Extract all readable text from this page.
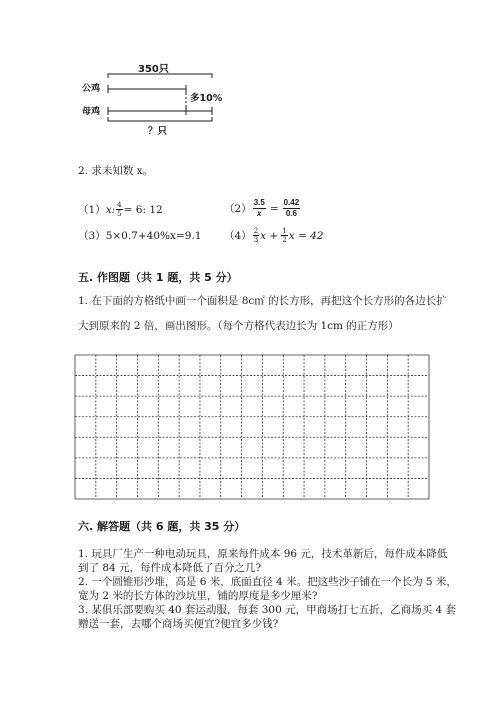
350只
公鸡
母鸡
多10%
？只
2. 求未知数 x。
（1） x: $\frac{4}{5} = 6$: 12	$(2) \frac{3.5}{x} = \frac{0.42}{0.6}$
（3）5×0.7+40%x=9.1 $(4) \frac{2}{3}$ $x + \frac{1}{2}$ x = 42
五. 作图题（共 1 题，共 5 分）
1. 在下面的方格纸中画一个面积是 8c㎡ 的长方形，再把这个长方形的各边长扩
大到原来的 2 倍，画出图形。（每个方格代表边长为 1cm 的正方形）
六. 解答题（共 6 题，共 35 分）
1. 玩具厂生产一种电动玩具，原来每件成本 96 元，技术革新后，每件成本降低
到了 84 元，每件成本降低了百分之几?
2. 一个圆锥形沙堆，高是 6 米，底面直径 4 米。把这些沙子铺在一个长为 5 米，
宽为 2 米的长方体的沙坑里，铺的厚度是多少厘米?
3. 某俱乐部要购买 40 套运动服，每套 300 元，甲商场打七五折，乙商场买 4 套
赠送一套，去哪个商场买便宜?便宜多少钱?
